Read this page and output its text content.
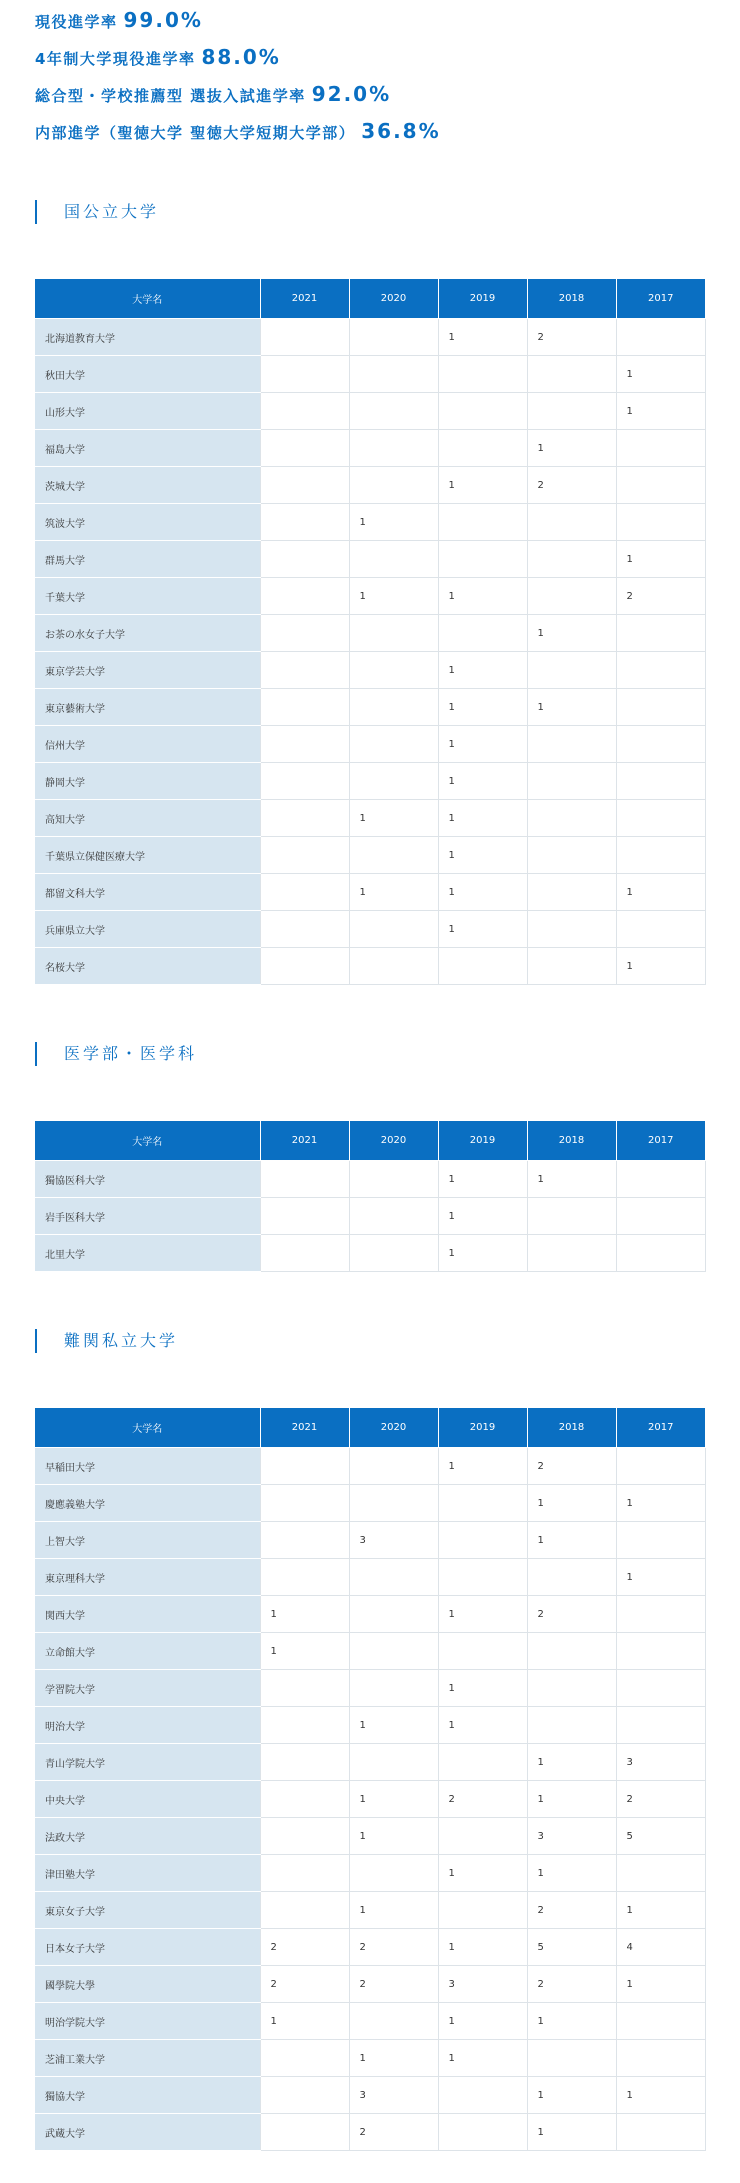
現役進学率 99.0%
4年制大学現役進学率 88.0%
総合型・学校推薦型 選抜入試進学率 92.0%
内部進学（聖徳大学 聖徳大学短期大学部） 36.8%
国公立大学
大学名	2021	2020	2019	2018	2017
北海道教育大学			1	2	
秋田大学					1
山形大学					1
福島大学				1	
茨城大学			1	2	
筑波大学		1			
群馬大学					1
千葉大学		1	1		2
お茶の水女子大学				1	
東京学芸大学			1		
東京藝術大学			1	1	
信州大学			1		
静岡大学			1		
高知大学		1	1		
千葉県立保健医療大学			1		
都留文科大学		1	1		1
兵庫県立大学			1		
名桜大学					1
医学部・医学科
大学名	2021	2020	2019	2018	2017
獨協医科大学			1	1	
岩手医科大学			1		
北里大学			1		
難関私立大学
大学名	2021	2020	2019	2018	2017
早稲田大学			1	2	
慶應義塾大学				1	1
上智大学		3		1	
東京理科大学					1
関西大学	1		1	2	
立命館大学	1				
学習院大学			1		
明治大学		1	1		
青山学院大学				1	3
中央大学		1	2	1	2
法政大学		1		3	5
津田塾大学			1	1	
東京女子大学		1		2	1
日本女子大学	2	2	1	5	4
國學院大學	2	2	3	2	1
明治学院大学	1		1	1	
芝浦工業大学		1	1		
獨協大学		3		1	1
武蔵大学		2		1	
